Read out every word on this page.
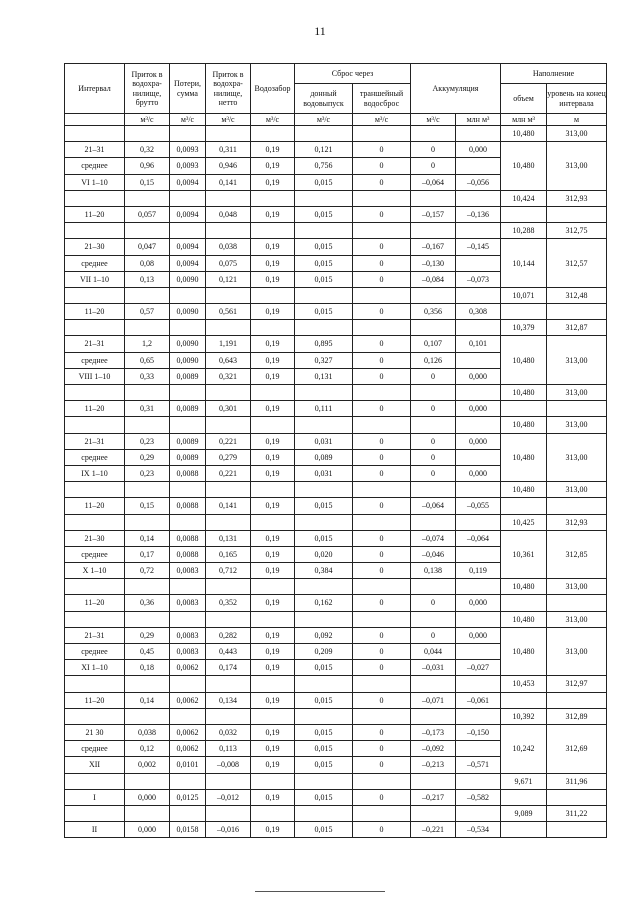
11
Интервал	Приток в водохра-нилище, брутто	Потери, сумма	Приток в водохра-нилище, нетто	Водозабор	Сброс через		Аккумуляция		Наполнение	
					донный водовыпуск	траншейный водосброс			объем	уровень на конец интервала
	м³/с	м³/с	м³/с	м³/с	м³/с	м³/с	м³/с	млн м³	млн м³	м
									10,480	313,00
21–31	0,32	0,0093	0,311	0,19	0,121	0	0	0,000	10,480	313,00
среднее	0,96	0,0093	0,946	0,19	0,756	0	0			
VI 1–10	0,15	0,0094	0,141	0,19	0,015	0	–0,064	–0,056		
									10,424	312,93
11–20	0,057	0,0094	0,048	0,19	0,015	0	–0,157	–0,136		
									10,288	312,75
21–30	0,047	0,0094	0,038	0,19	0,015	0	–0,167	–0,145	10,144	312,57
среднее	0,08	0,0094	0,075	0,19	0,015	0	–0,130			
VII 1–10	0,13	0,0090	0,121	0,19	0,015	0	–0,084	–0,073		
									10,071	312,48
11–20	0,57	0,0090	0,561	0,19	0,015	0	0,356	0,308		
									10,379	312,87
21–31	1,2	0,0090	1,191	0,19	0,895	0	0,107	0,101	10,480	313,00
среднее	0,65	0,0090	0,643	0,19	0,327	0	0,126			
VIII 1–10	0,33	0,0089	0,321	0,19	0,131	0	0	0,000		
									10,480	313,00
11–20	0,31	0,0089	0,301	0,19	0,111	0	0	0,000		
									10,480	313,00
21–31	0,23	0,0089	0,221	0,19	0,031	0	0	0,000	10,480	313,00
среднее	0,29	0,0089	0,279	0,19	0,089	0	0			
IX 1–10	0,23	0,0088	0,221	0,19	0,031	0	0	0,000		
									10,480	313,00
11–20	0,15	0,0088	0,141	0,19	0,015	0	–0,064	–0,055		
									10,425	312,93
21–30	0,14	0,0088	0,131	0,19	0,015	0	–0,074	–0,064	10,361	312,85
среднее	0,17	0,0088	0,165	0,19	0,020	0	–0,046			
X 1–10	0,72	0,0083	0,712	0,19	0,384	0	0,138	0,119		
									10,480	313,00
11–20	0,36	0,0083	0,352	0,19	0,162	0	0	0,000		
									10,480	313,00
21–31	0,29	0,0083	0,282	0,19	0,092	0	0	0,000	10,480	313,00
среднее	0,45	0,0083	0,443	0,19	0,209	0	0,044			
XI 1–10	0,18	0,0062	0,174	0,19	0,015	0	–0,031	–0,027		
									10,453	312,97
11–20	0,14	0,0062	0,134	0,19	0,015	0	–0,071	–0,061		
									10,392	312,89
21 30	0,038	0,0062	0,032	0,19	0,015	0	–0,173	–0,150	10,242	312,69
среднее	0,12	0,0062	0,113	0,19	0,015	0	–0,092			
XII	0,002	0,0101	–0,008	0,19	0,015	0	–0,213	–0,571		
									9,671	311,96
I	0,000	0,0125	–0,012	0,19	0,015	0	–0,217	–0,582		
									9,089	311,22
II	0,000	0,0158	–0,016	0,19	0,015	0	–0,221	–0,534		
